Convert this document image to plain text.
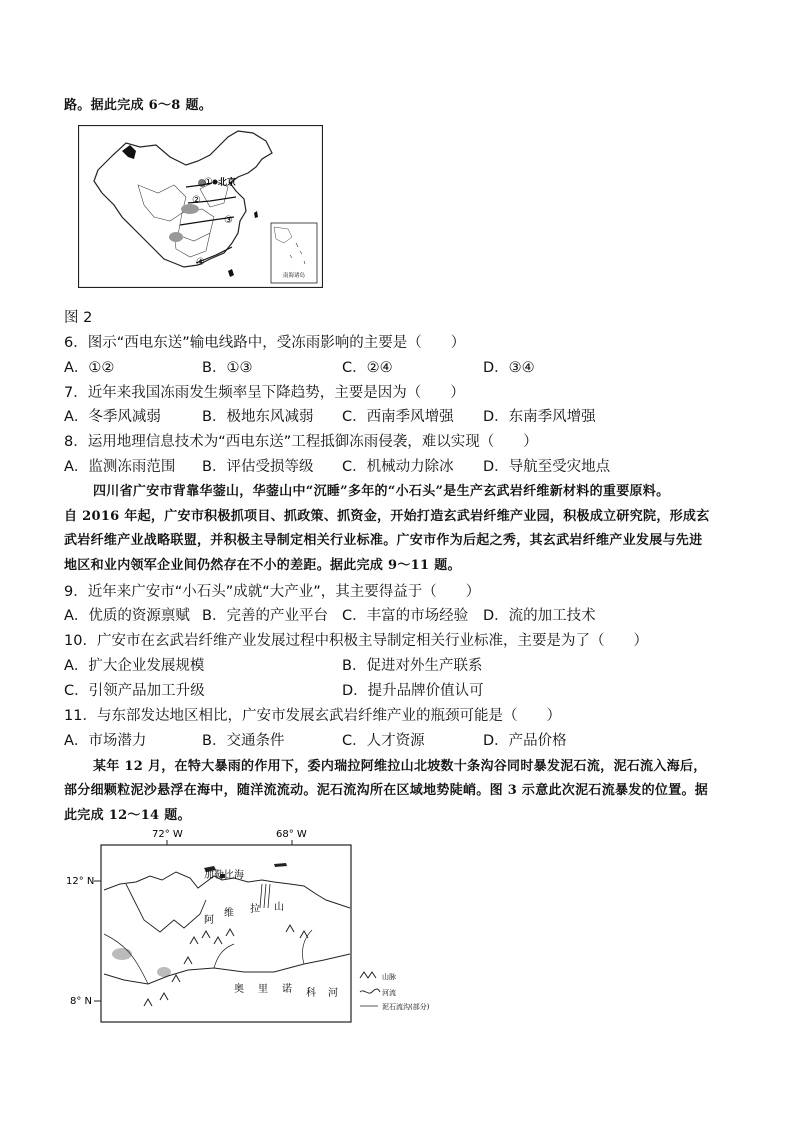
路。据此完成 6～8 题。
北京
①
②
③
④
南海诸岛
图 2
6．图示“西电东送”输电线路中，受冻雨影响的主要是（　　）
A．①②	B．①③	C．②④	D．③④
7．近年来我国冻雨发生频率呈下降趋势，主要是因为（　　）
A．冬季风减弱	B．极地东风减弱 C．西南季风增强 D．东南季风增强
8．运用地理信息技术为“西电东送”工程抵御冻雨侵袭，难以实现（　　）
A．监测冻雨范围 B．评估受损等级 C．机械动力除冰 D．导航至受灾地点
四川省广安市背靠华蓥山，华蓥山中“沉睡”多年的“小石头”是生产玄武岩纤维新材料的重要原料。
自 2016 年起，广安市积极抓项目、抓政策、抓资金，开始打造玄武岩纤维产业园，积极成立研究院，形成玄
武岩纤维产业战略联盟，并积极主导制定相关行业标准。广安市作为后起之秀，其玄武岩纤维产业发展与先进
地区和业内领军企业间仍然存在不小的差距。据此完成 9～11 题。
9．近年来广安市“小石头”成就“大产业”，其主要得益于（　　）
A．优质的资源禀赋 B．完善的产业平台 C．丰富的市场经验 D．流的加工技术
10．广安市在玄武岩纤维产业发展过程中积极主导制定相关行业标准，主要是为了（　　）
A．扩大企业发展规模	B．促进对外生产联系
C．引领产品加工升级	D．提升品牌价值认可
11．与东部发达地区相比，广安市发展玄武岩纤维产业的瓶颈可能是（　　）
A．市场潜力	B．交通条件	C．人才资源	D．产品价格
某年 12 月，在特大暴雨的作用下，委内瑞拉阿维拉山北坡数十条沟谷同时暴发泥石流，泥石流入海后，
部分细颗粒泥沙悬浮在海中，随洋流流动。泥石流沟所在区域地势陡峭。图 3 示意此次泥石流暴发的位置。据
此完成 12～14 题。
72° W	68° W
12° N
8° N
加勒比海
阿
维 拉 山
奥 里 诺 科 河
山脉
河流
泥石流沟(部分)
